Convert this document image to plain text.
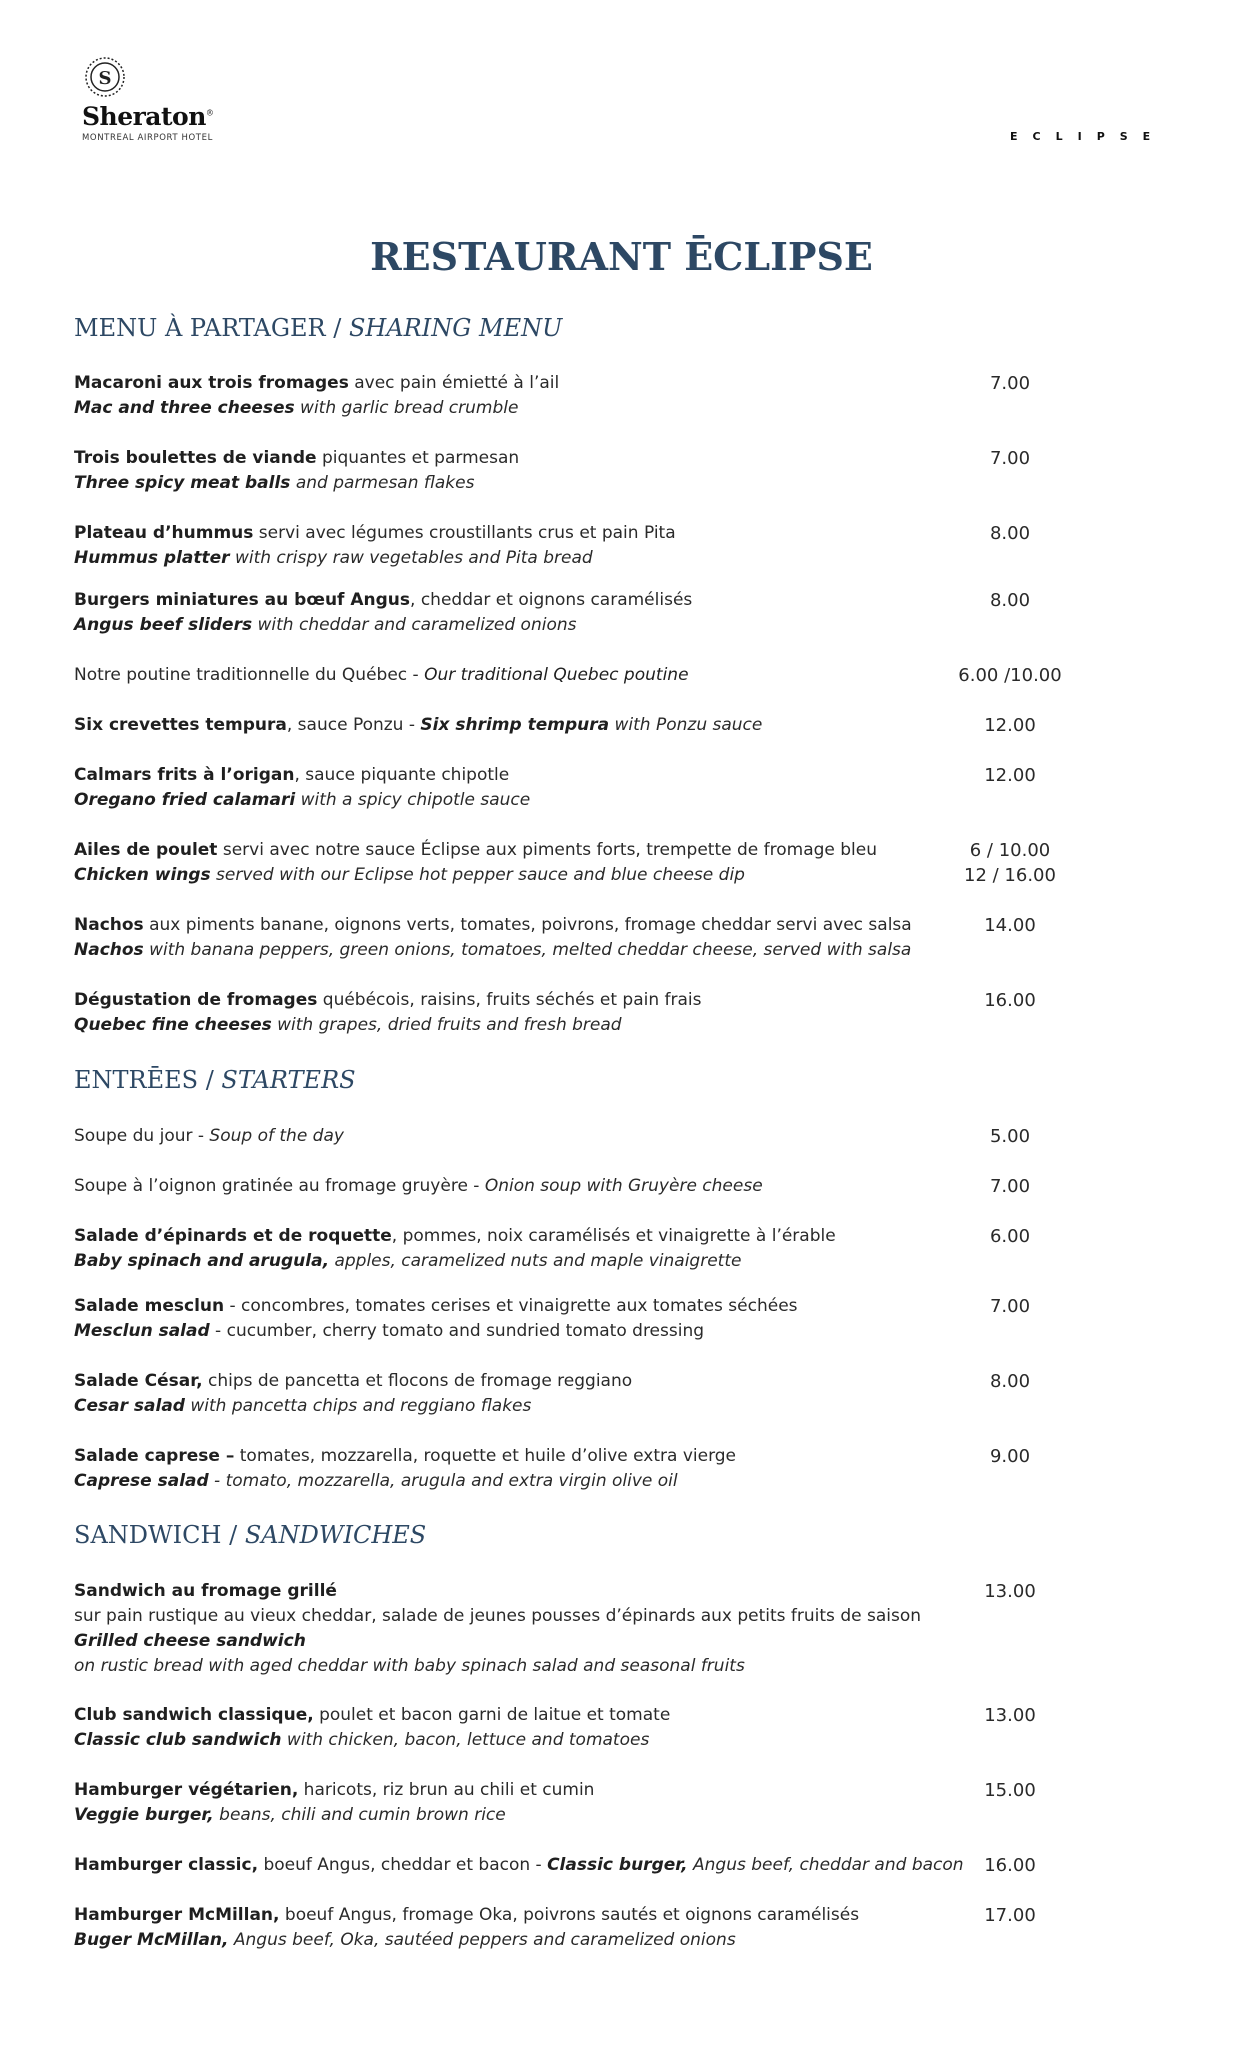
S
Sheraton®
MONTREAL AIRPORT HOTEL	ECLIPSE
RESTAURANT ĒCLIPSE
MENU À PARTAGER / SHARING MENU
Macaroni aux trois fromages avec pain émietté à l’ail
Mac and three cheeses with garlic bread crumble
7.00
Trois boulettes de viande piquantes et parmesan
Three spicy meat balls and parmesan flakes
7.00
Plateau d’hummus servi avec légumes croustillants crus et pain Pita
Hummus platter with crispy raw vegetables and Pita bread
8.00
Burgers miniatures au bœuf Angus, cheddar et oignons caramélisés
Angus beef sliders with cheddar and caramelized onions
8.00
Notre poutine traditionnelle du Québec - Our traditional Quebec poutine	6.00 /10.00
Six crevettes tempura, sauce Ponzu - Six shrimp tempura with Ponzu sauce	12.00
Calmars frits à l’origan, sauce piquante chipotle
Oregano fried calamari with a spicy chipotle sauce
12.00
Ailes de poulet servi avec notre sauce Éclipse aux piments forts, trempette de fromage bleu
Chicken wings served with our Eclipse hot pepper sauce and blue cheese dip
6 / 10.00
12 / 16.00
Nachos aux piments banane, oignons verts, tomates, poivrons, fromage cheddar servi avec salsa
Nachos with banana peppers, green onions, tomatoes, melted cheddar cheese, served with salsa
14.00
Dégustation de fromages québécois, raisins, fruits séchés et pain frais
Quebec fine cheeses with grapes, dried fruits and fresh bread
16.00
ENTRĒES / STARTERS
Soupe du jour - Soup of the day	5.00
Soupe à l’oignon gratinée au fromage gruyère - Onion soup with Gruyère cheese	7.00
Salade d’épinards et de roquette, pommes, noix caramélisés et vinaigrette à l’érable
Baby spinach and arugula, apples, caramelized nuts and maple vinaigrette
6.00
Salade mesclun - concombres, tomates cerises et vinaigrette aux tomates séchées
Mesclun salad - cucumber, cherry tomato and sundried tomato dressing
7.00
Salade César, chips de pancetta et flocons de fromage reggiano
Cesar salad with pancetta chips and reggiano flakes
8.00
Salade caprese – tomates, mozzarella, roquette et huile d’olive extra vierge
Caprese salad - tomato, mozzarella, arugula and extra virgin olive oil
9.00
SANDWICH / SANDWICHES
Sandwich au fromage grillé
sur pain rustique au vieux cheddar, salade de jeunes pousses d’épinards aux petits fruits de saison
Grilled cheese sandwich
on rustic bread with aged cheddar with baby spinach salad and seasonal fruits
13.00
Club sandwich classique, poulet et bacon garni de laitue et tomate
Classic club sandwich with chicken, bacon, lettuce and tomatoes
13.00
Hamburger végétarien, haricots, riz brun au chili et cumin
Veggie burger, beans, chili and cumin brown rice
15.00
Hamburger classic, boeuf Angus, cheddar et bacon - Classic burger, Angus beef, cheddar and bacon	16.00
Hamburger McMillan, boeuf Angus, fromage Oka, poivrons sautés et oignons caramélisés
Buger McMillan, Angus beef, Oka, sautéed peppers and caramelized onions
17.00
